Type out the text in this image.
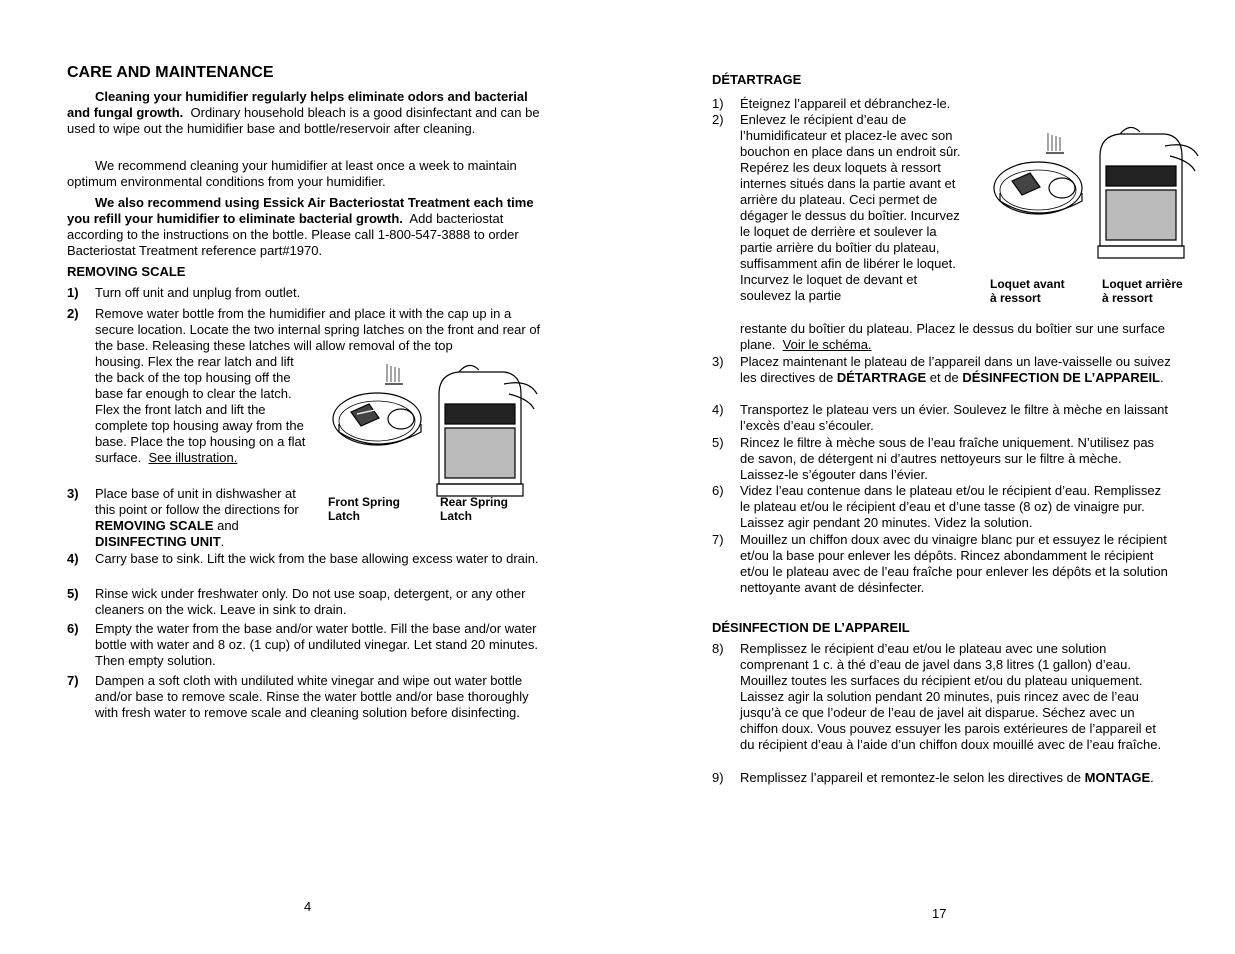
CARE AND MAINTENANCE

Cleaning your humidifier regularly helps eliminate odors and bacterial and fungal growth. Ordinary household bleach is a good disinfectant and can be used to wipe out the humidifier base and bottle/reservoir after cleaning.

We recommend cleaning your humidifier at least once a week to maintain optimum environmental conditions from your humidifier.

We also recommend using Essick Air Bacteriostat Treatment each time you refill your humidifier to eliminate bacterial growth. Add bacteriostat according to the instructions on the bottle. Please call 1-800-547-3888 to order Bacteriostat Treatment reference part#1970.

REMOVING SCALE
1) Turn off unit and unplug from outlet.
2) Remove water bottle from the humidifier and place it with the cap up in a secure location. Locate the two internal spring latches on the front and rear of the base. Releasing these latches will allow removal of the top
housing. Flex the rear latch and lift the back of the top housing off the base far enough to clear the latch. Flex the front latch and lift the complete top housing away from the base. Place the top housing on a flat surface. See illustration.
3) Place base of unit in dishwasher at this point or follow the directions for REMOVING SCALE and DISINFECTING UNIT.
4) Carry base to sink. Lift the wick from the base allowing excess water to drain.
5) Rinse wick under freshwater only. Do not use soap, detergent, or any other cleaners on the wick. Leave in sink to drain.
6) Empty the water from the base and/or water bottle. Fill the base and/or water bottle with water and 8 oz. (1 cup) of undiluted vinegar. Let stand 20 minutes. Then empty solution.
7) Dampen a soft cloth with undiluted white vinegar and wipe out water bottle and/or base to remove scale. Rinse the water bottle and/or base thoroughly with fresh water to remove scale and cleaning solution before disinfecting.
Front Spring
Latch
Rear Spring
Latch
4
DÉTARTRAGE
1) Éteignez l’appareil et débranchez-le.
2) Enlevez le récipient d’eau de l’humidificateur et placez-le avec son bouchon en place dans un endroit sûr. Repérez les deux loquets à ressort internes situés dans la partie avant et arrière du plateau. Ceci permet de dégager le dessus du boîtier. Incurvez le loquet de derrière et soulever la partie arrière du boîtier du plateau, suffisamment afin de libérer le loquet. Incurvez le loquet de devant et soulevez la partie
restante du boîtier du plateau. Placez le dessus du boîtier sur une surface plane. Voir le schéma.
3) Placez maintenant le plateau de l’appareil dans un lave-vaisselle ou suivez les directives de DÉTARTRAGE et de DÉSINFECTION DE L’APPAREIL.
4) Transportez le plateau vers un évier. Soulevez le filtre à mèche en laissant l’excès d’eau s’écouler.
5) Rincez le filtre à mèche sous de l’eau fraîche uniquement. N’utilisez pas de savon, de détergent ni d’autres nettoyeurs sur le filtre à mèche. Laissez-le s’égouter dans l’évier.
6) Videz l’eau contenue dans le plateau et/ou le récipient d’eau. Remplissez le plateau et/ou le récipient d’eau et d’une tasse (8 oz) de vinaigre pur. Laissez agir pendant 20 minutes. Videz la solution.
7) Mouillez un chiffon doux avec du vinaigre blanc pur et essuyez le récipient et/ou la base pour enlever les dépôts. Rincez abondamment le récipient et/ou le plateau avec de l’eau fraîche pour enlever les dépôts et la solution nettoyante avant de désinfecter.
DÉSINFECTION DE L’APPAREIL
8) Remplissez le récipient d’eau et/ou le plateau avec une solution comprenant 1 c. à thé d’eau de javel dans 3,8 litres (1 gallon) d’eau. Mouillez toutes les surfaces du récipient et/ou du plateau uniquement. Laissez agir la solution pendant 20 minutes, puis rincez avec de l’eau jusqu’à ce que l’odeur de l’eau de javel ait disparue. Séchez avec un chiffon doux. Vous pouvez essuyer les parois extérieures de l’appareil et du récipient d’eau à l’aide d’un chiffon doux mouillé avec de l’eau fraîche.
9) Remplissez l’appareil et remontez-le selon les directives de MONTAGE.
Loquet avant
à ressort
Loquet arrière
à ressort
17
